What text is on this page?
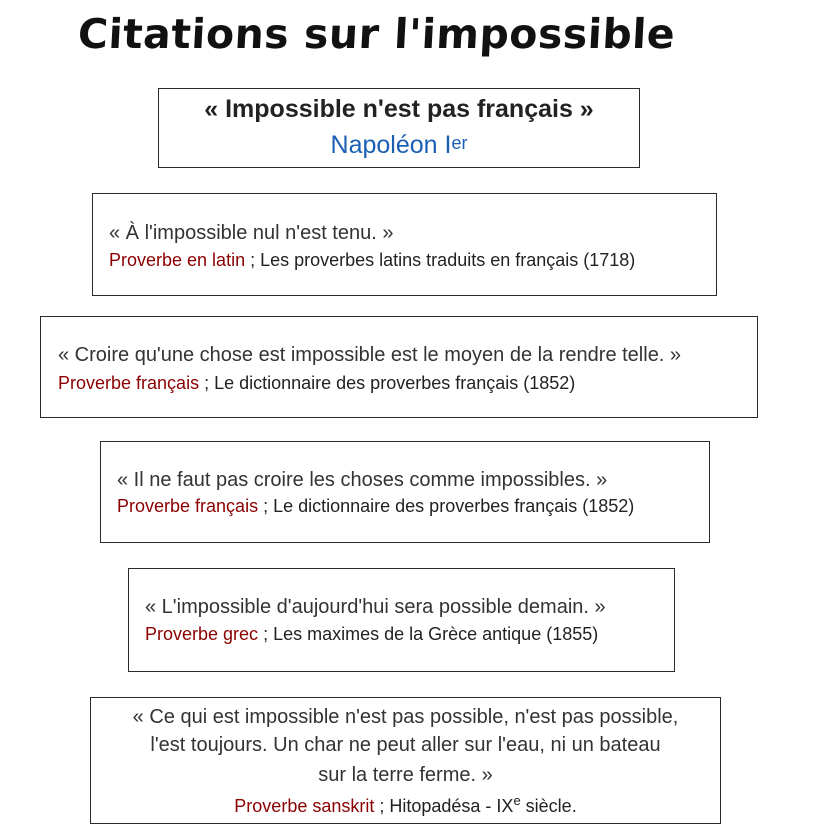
Citations sur l'impossible
« Impossible n'est pas français »
Napoléon Ier
« À l'impossible nul n'est tenu. »
Proverbe en latin ; Les proverbes latins traduits en français (1718)
« Croire qu'une chose est impossible est le moyen de la rendre telle. »
Proverbe français ; Le dictionnaire des proverbes français (1852)
« Il ne faut pas croire les choses comme impossibles. »
Proverbe français ; Le dictionnaire des proverbes français (1852)
« L'impossible d'aujourd'hui sera possible demain. »
Proverbe grec ; Les maximes de la Grèce antique (1855)
« Ce qui est impossible n'est pas possible, n'est pas possible,
l'est toujours. Un char ne peut aller sur l'eau, ni un bateau
sur la terre ferme. »
Proverbe sanskrit ; Hitopadésa - IXe siècle.
